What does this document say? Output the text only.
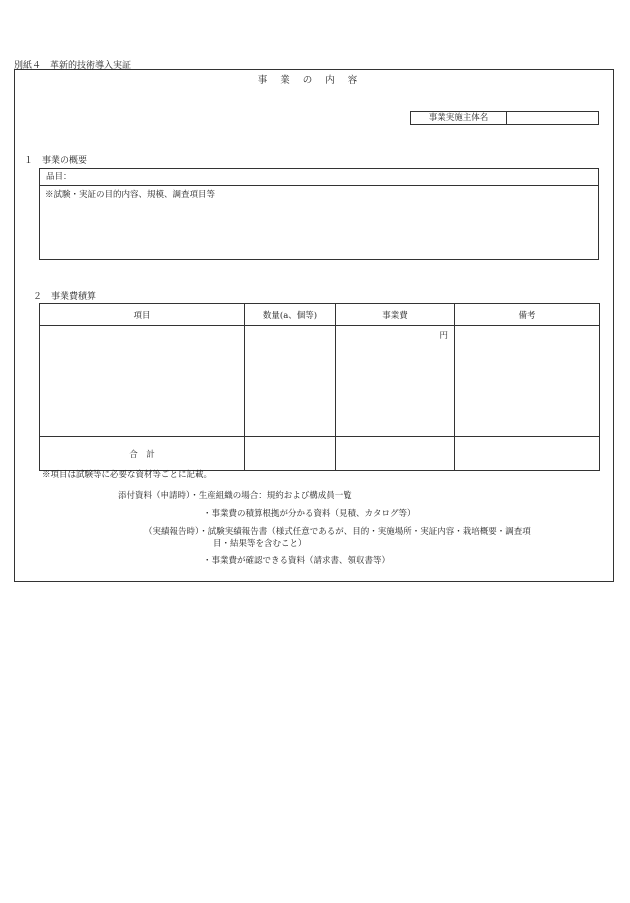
別紙４　革新的技術導入実証
事業の内容
事業実施主体名
１　事業の概要
品目：
※試験・実証の目的内容、規模、調査項目等
２　事業費積算
項目	数量(a、個等)	事業費	備考
		円	
合　計			
※項目は試験等に必要な資材等ごとに記載。
添付資料（申請時）・生産組織の場合：規約および構成員一覧
・事業費の積算根拠が分かる資料（見積、カタログ等）
（実績報告時）・試験実績報告書（様式任意であるが、目的・実施場所・実証内容・栽培概要・調査項
目・結果等を含むこと）
・事業費が確認できる資料（請求書、領収書等）
